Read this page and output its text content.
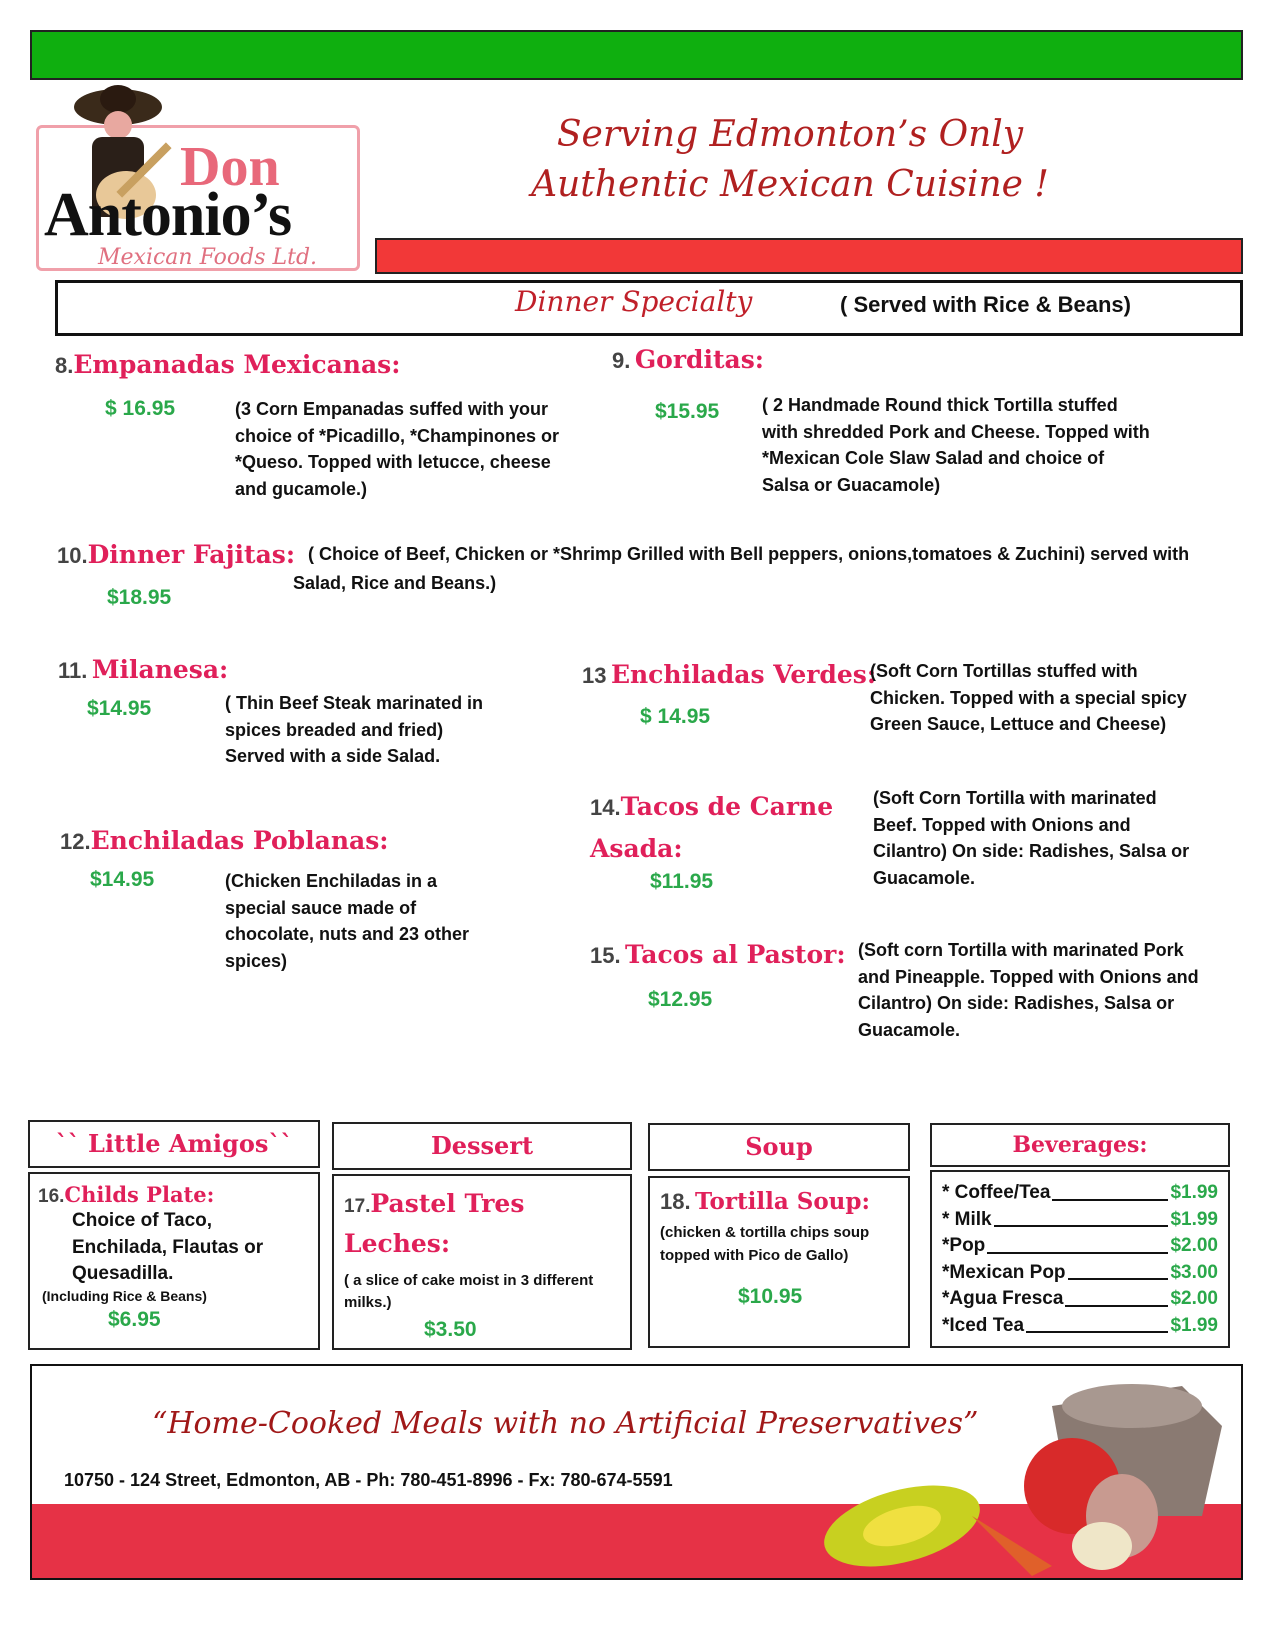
Don
Antonio’s
Mexican Foods Ltd.
Serving Edmonton’s Only
Authentic Mexican Cuisine !
Dinner Specialty	( Served with Rice & Beans)
8.Empanadas Mexicanas:
$ 16.95	(3 Corn Empanadas suffed with your choice of *Picadillo, *Champinones or *Queso. Topped with letucce, cheese and gucamole.)
9. Gorditas:
$15.95 ( 2 Handmade Round thick Tortilla stuffed with shredded Pork and Cheese. Topped with *Mexican Cole Slaw Salad and choice of Salsa or Guacamole)
10.Dinner Fajitas:
$18.95
( Choice of Beef, Chicken or *Shrimp Grilled with Bell peppers, onions,tomatoes & Zuchini) served with Salad, Rice and Beans.)
11. Milanesa:
$14.95	( Thin Beef Steak marinated in spices breaded and fried) Served with a side Salad.
12.Enchiladas Poblanas:
$14.95	(Chicken Enchiladas in a special sauce made of chocolate, nuts and 23 other spices)
13 Enchiladas Verdes:
$ 14.95
(Soft Corn Tortillas stuffed with Chicken. Topped with a special spicy Green Sauce, Lettuce and Cheese)
14.Tacos de Carne Asada:
$11.95
(Soft Corn Tortilla with marinated Beef. Topped with Onions and Cilantro) On side: Radishes, Salsa or Guacamole.
15. Tacos al Pastor:
$12.95
(Soft corn Tortilla with marinated Pork and Pineapple. Topped with Onions and Cilantro) On side: Radishes, Salsa or Guacamole.
`` Little Amigos``
16.Childs Plate:
Choice of Taco, Enchilada, Flautas or Quesadilla.
(Including Rice & Beans)
$6.95
Dessert
17.Pastel Tres Leches:
( a slice of cake moist in 3 different milks.)
$3.50
Soup
18. Tortilla Soup:
(chicken & tortilla chips soup topped with Pico de Gallo)
$10.95
Beverages:
* Coffee/Tea	$1.99
* Milk	$1.99
*Pop	$2.00
*Mexican Pop	$3.00
*Agua Fresca	$2.00
*Iced Tea	$1.99
“Home-Cooked Meals with no Artificial Preservatives”
10750 - 124 Street, Edmonton, AB - Ph: 780-451-8996 - Fx: 780-674-5591
